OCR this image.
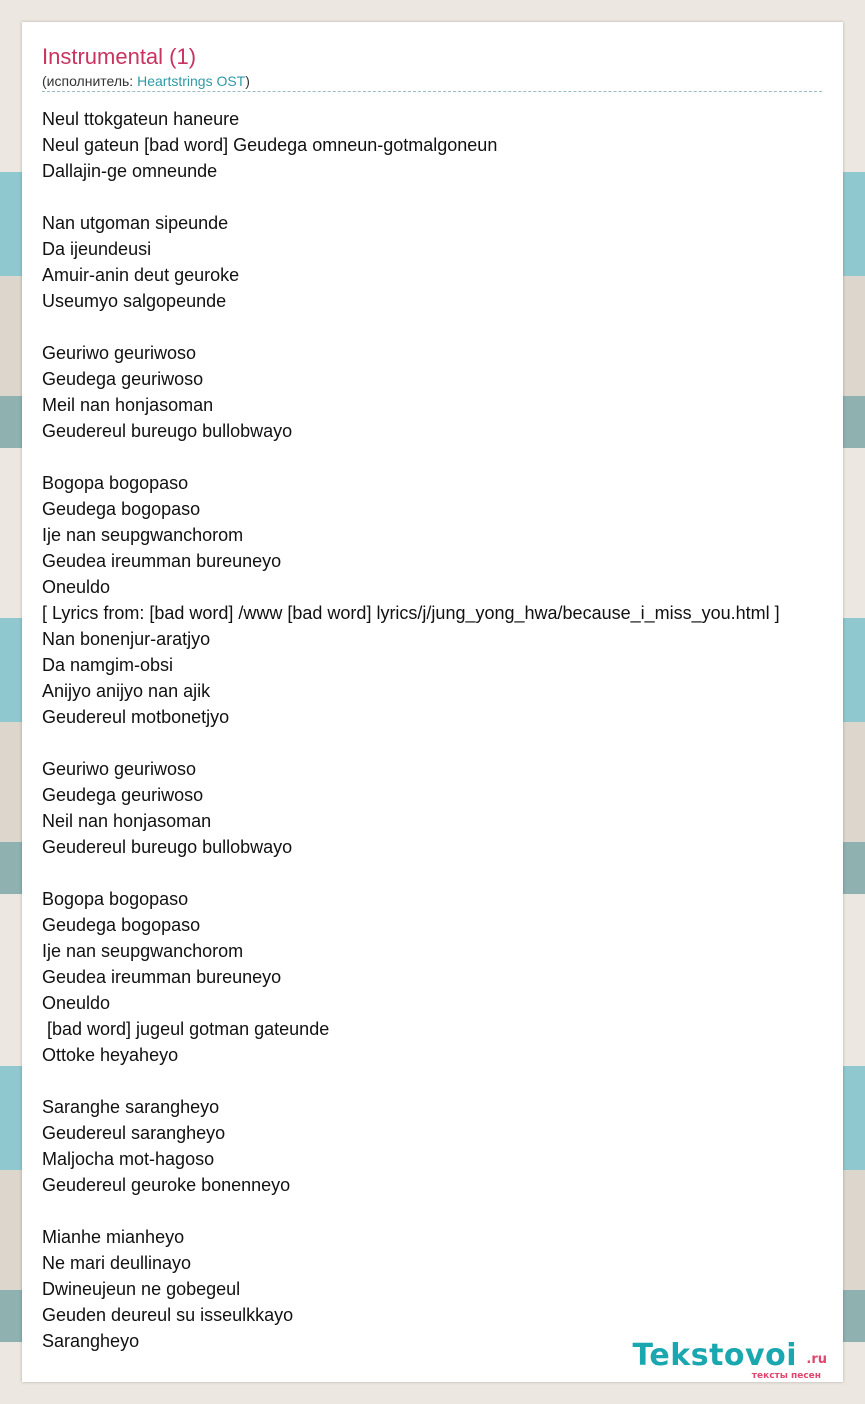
Instrumental (1)
(исполнитель: Heartstrings OST)
Neul ttokgateun haneure
Neul gateun [bad word] Geudega omneun-gotmalgoneun
Dallajin-ge omneunde
Nan utgoman sipeunde
Da ijeundeusi
Amuir-anin deut geuroke
Useumyo salgopeunde
Geuriwo geuriwoso
Geudega geuriwoso
Meil nan honjasoman
Geudereul bureugo bullobwayo
Bogopa bogopaso
Geudega bogopaso
Ije nan seupgwanchorom
Geudea ireumman bureuneyo
Oneuldo
[ Lyrics from: [bad word] /www [bad word] lyrics/j/jung_yong_hwa/because_i_miss_you.html ]
Nan bonenjur-aratjyo
Da namgim-obsi
Anijyo anijyo nan ajik
Geudereul motbonetjyo
Geuriwo geuriwoso
Geudega geuriwoso
Neil nan honjasoman
Geudereul bureugo bullobwayo
Bogopa bogopaso
Geudega bogopaso
Ije nan seupgwanchorom
Geudea ireumman bureuneyo
Oneuldo
[bad word] jugeul gotman gateunde
Ottoke heyaheyo
Saranghe sarangheyo
Geudereul sarangheyo
Maljocha mot-hagoso
Geudereul geuroke bonenneyo
Mianhe mianheyo
Ne mari deullinayo
Dwineujeun ne gobegeul
Geuden deureul su isseulkkayo
Sarangheyo	Tekstovoi .ru
тексты песен
